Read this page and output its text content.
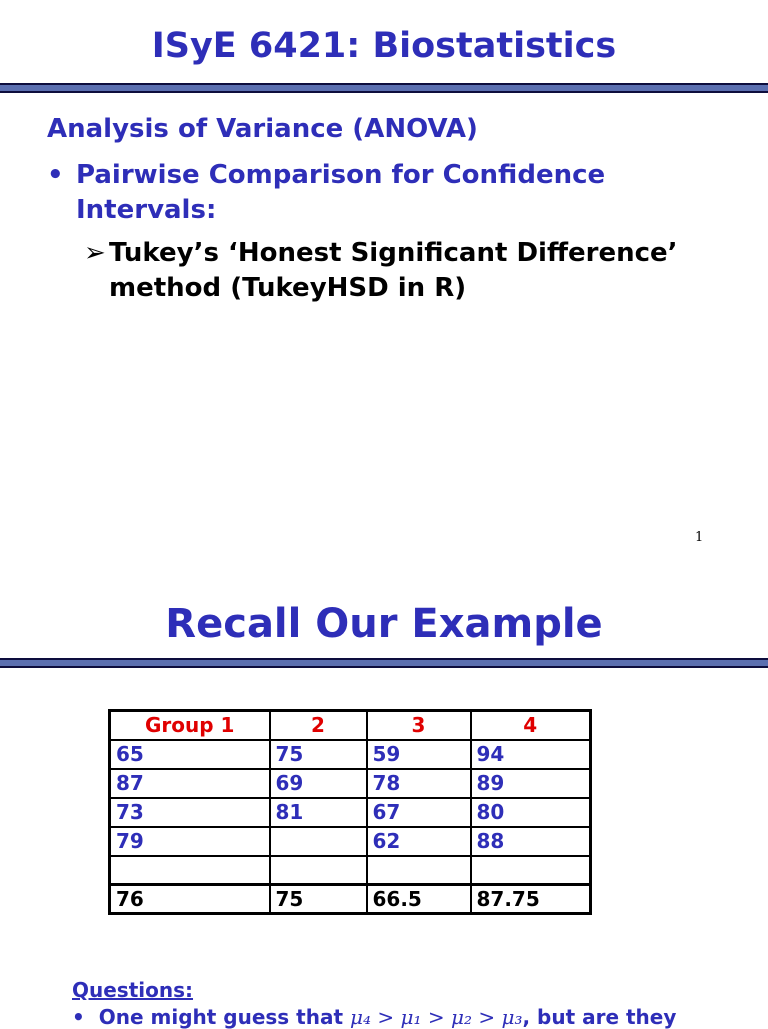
ISyE 6421: Biostatistics
Analysis of Variance (ANOVA)
• Pairwise Comparison for Confidence Intervals:
➢ Tukey’s ‘Honest Significant Difference’ method (TukeyHSD in R)
1
Recall Our Example
Group 1	2	3	4
65	75	59	94
87	69	78	89
73	81	67	80
79		62	88

76	75	66.5	87.75
Questions:
• One might guess that μ₄ > μ₁ > μ₂ > μ₃, but are they
